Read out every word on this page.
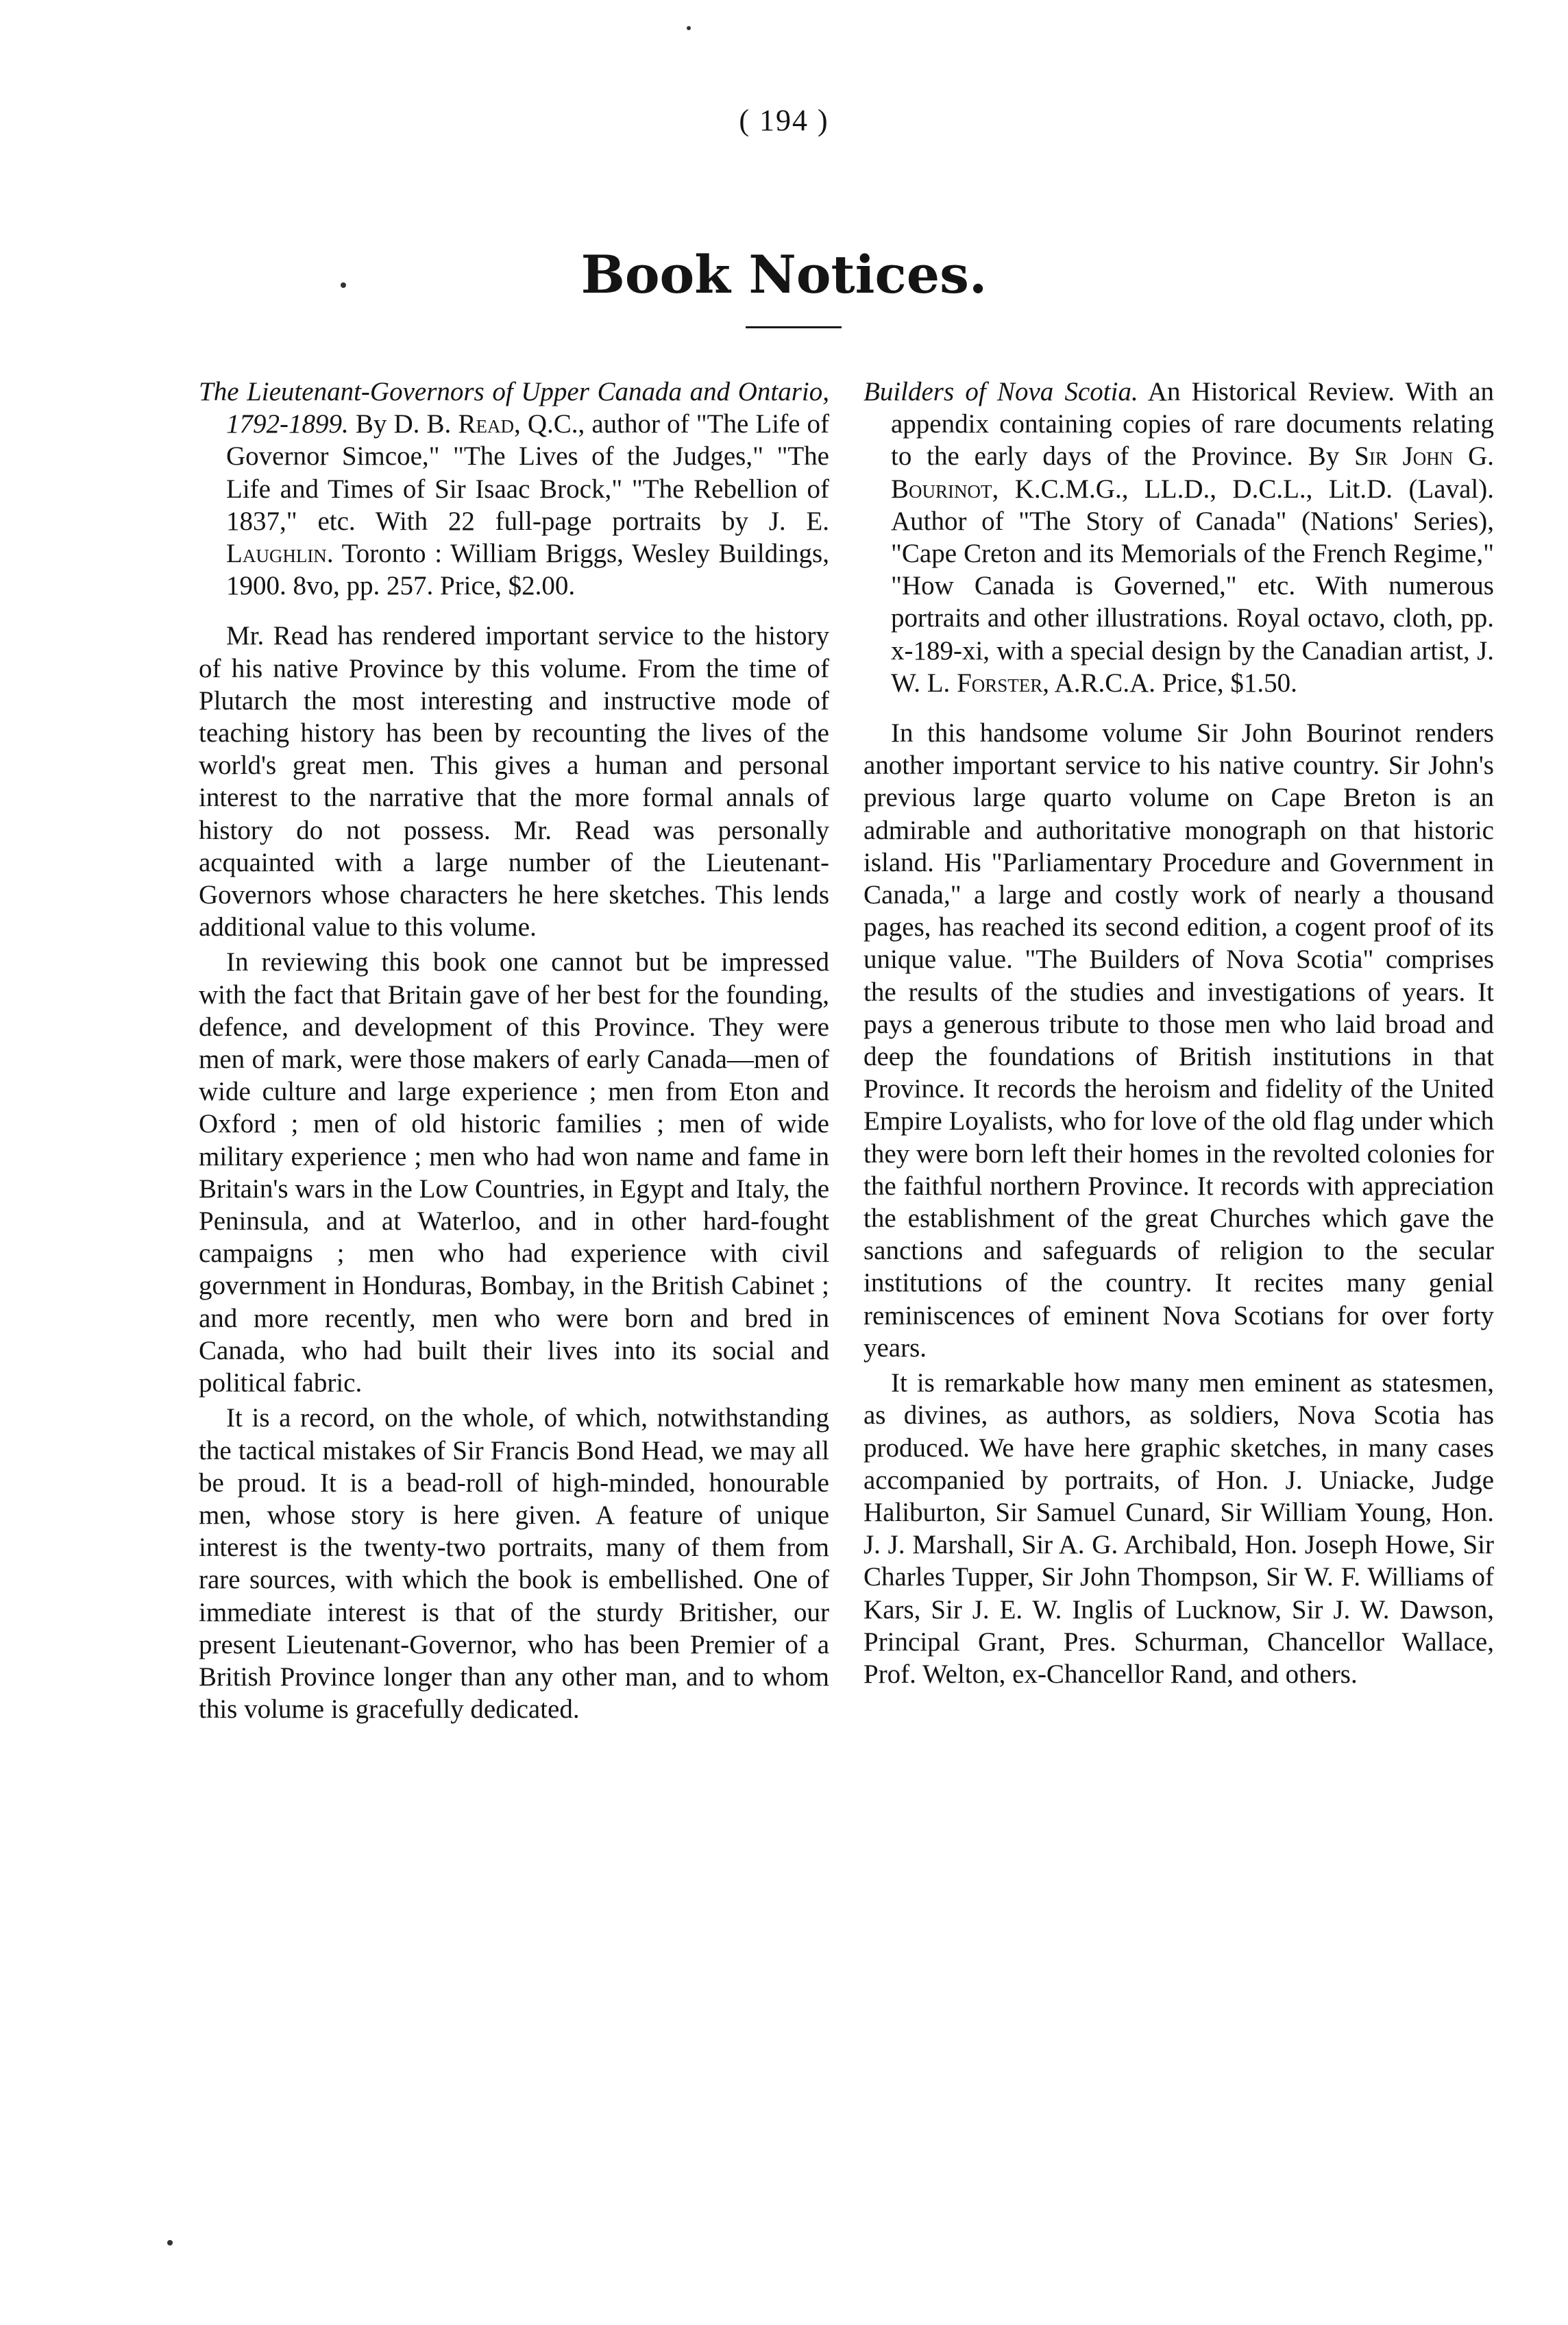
( 194 )
Book Notices.

The Lieutenant-Governors of Upper Canada and Ontario, 1792-1899. By D. B. Read, Q.C., author of "The Life of Governor Simcoe," "The Lives of the Judges," "The Life and Times of Sir Isaac Brock," "The Rebellion of 1837," etc. With 22 full-page portraits by J. E. Laughlin. Toronto : William Briggs, Wesley Buildings, 1900. 8vo, pp. 257. Price, $2.00.

Mr. Read has rendered important service to the history of his native Province by this volume. From the time of Plutarch the most interesting and instructive mode of teaching history has been by recounting the lives of the world's great men. This gives a human and personal interest to the narrative that the more formal annals of history do not possess. Mr. Read was personally acquainted with a large number of the Lieutenant-Governors whose characters he here sketches. This lends additional value to this volume.

In reviewing this book one cannot but be impressed with the fact that Britain gave of her best for the founding, defence, and development of this Province. They were men of mark, were those makers of early Canada—men of wide culture and large experience ; men from Eton and Oxford ; men of old historic families ; men of wide military experience ; men who had won name and fame in Britain's wars in the Low Countries, in Egypt and Italy, the Peninsula, and at Waterloo, and in other hard-fought campaigns ; men who had experience with civil government in Honduras, Bombay, in the British Cabinet ; and more recently, men who were born and bred in Canada, who had built their lives into its social and political fabric.

It is a record, on the whole, of which, notwithstanding the tactical mistakes of Sir Francis Bond Head, we may all be proud. It is a bead-roll of high-minded, honourable men, whose story is here given. A feature of unique interest is the twenty-two portraits, many of them from rare sources, with which the book is embellished. One of immediate interest is that of the sturdy Britisher, our present Lieutenant-Governor, who has been Premier of a British Province longer than any other man, and to whom this volume is gracefully dedicated.

Builders of Nova Scotia. An Historical Review. With an appendix containing copies of rare documents relating to the early days of the Province. By Sir John G. Bourinot, K.C.M.G., LL.D., D.C.L., Lit.D. (Laval). Author of "The Story of Canada" (Nations' Series), "Cape Creton and its Memorials of the French Regime," "How Canada is Governed," etc. With numerous portraits and other illustrations. Royal octavo, cloth, pp. x-189-xi, with a special design by the Canadian artist, J. W. L. Forster, A.R.C.A. Price, $1.50.

In this handsome volume Sir John Bourinot renders another important service to his native country. Sir John's previous large quarto volume on Cape Breton is an admirable and authoritative monograph on that historic island. His "Parliamentary Procedure and Government in Canada," a large and costly work of nearly a thousand pages, has reached its second edition, a cogent proof of its unique value. "The Builders of Nova Scotia" comprises the results of the studies and investigations of years. It pays a generous tribute to those men who laid broad and deep the foundations of British institutions in that Province. It records the heroism and fidelity of the United Empire Loyalists, who for love of the old flag under which they were born left their homes in the revolted colonies for the faithful northern Province. It records with appreciation the establishment of the great Churches which gave the sanctions and safeguards of religion to the secular institutions of the country. It recites many genial reminiscences of eminent Nova Scotians for over forty years.

It is remarkable how many men eminent as statesmen, as divines, as authors, as soldiers, Nova Scotia has produced. We have here graphic sketches, in many cases accompanied by portraits, of Hon. J. Uniacke, Judge Haliburton, Sir Samuel Cunard, Sir William Young, Hon. J. J. Marshall, Sir A. G. Archibald, Hon. Joseph Howe, Sir Charles Tupper, Sir John Thompson, Sir W. F. Williams of Kars, Sir J. E. W. Inglis of Lucknow, Sir J. W. Dawson, Principal Grant, Pres. Schurman, Chancellor Wallace, Prof. Welton, ex-Chancellor Rand, and others.
